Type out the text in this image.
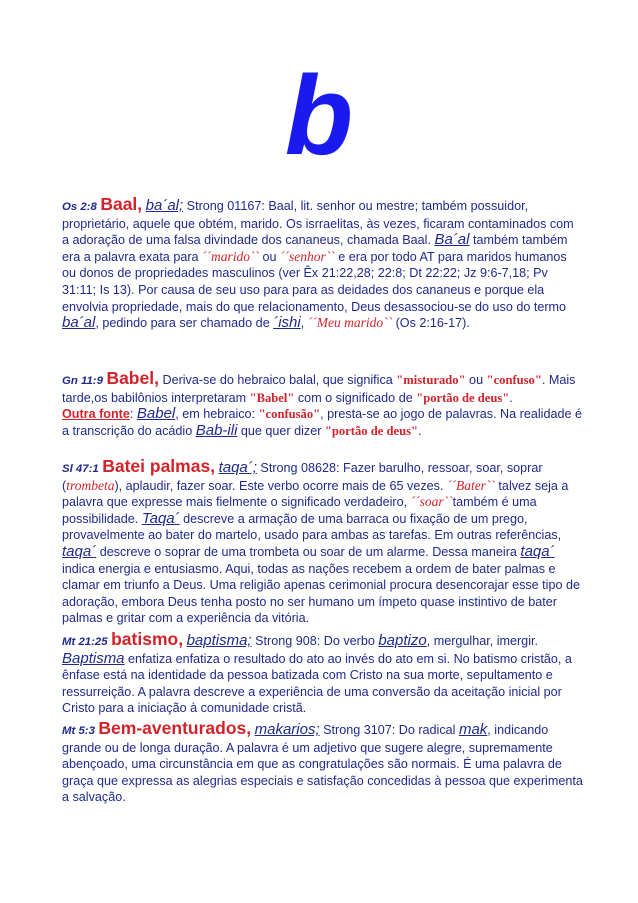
b
Os 2:8 Baal, ba´al; Strong 01167: Baal, lit. senhor ou mestre; também possuidor, proprietário, aquele que obtém, marido. Os isrraelitas, às vezes, ficaram contaminados com a adoração de uma falsa divindade dos cananeus, chamada Baal. Ba´al também também era a palavra exata para ´´marido`` ou ´´senhor`` e era por todo AT para maridos humanos ou donos de propriedades masculinos (ver Êx 21:22,28; 22:8; Dt 22:22; Jz 9:6-7,18; Pv 31:11; Is 13). Por causa de seu uso para para as deidades dos cananeus e porque ela envolvia propriedade, mais do que relacionamento, Deus desassociou-se do uso do termo ba´al, pedindo para ser chamado de ´ishi, ´´Meu marido`` (Os 2:16-17).
Gn 11:9 Babel, Deriva-se do hebraico balal, que significa "misturado" ou "confuso". Mais tarde,os babilônios interpretaram "Babel" com o significado de "portão de deus".
Outra fonte: Babel, em hebraico: "confusão", presta-se ao jogo de palavras. Na realidade é a transcrição do acádio Bab-ili que quer dizer "portão de deus".
Sl 47:1 Batei palmas, taqa´; Strong 08628: Fazer barulho, ressoar, soar, soprar (trombeta), aplaudir, fazer soar. Este verbo ocorre mais de 65 vezes. ´´Bater`` talvez seja a palavra que expresse mais fielmente o significado verdadeiro, ´´soar``também é uma possibilidade. Taqa´ descreve a armação de uma barraca ou fixação de um prego, provavelmente ao bater do martelo, usado para ambas as tarefas. Em outras referências, taqa´ descreve o soprar de uma trombeta ou soar de um alarme. Dessa maneira taqa´ indica energia e entusiasmo. Aqui, todas as nações recebem a ordem de bater palmas e clamar em triunfo a Deus. Uma religião apenas cerimonial procura desencorajar esse tipo de adoração, embora Deus tenha posto no ser humano um ímpeto quase instintivo de bater palmas e gritar com a experiência da vitória.
Mt 21:25 batismo, baptisma; Strong 908: Do verbo baptizo, mergulhar, imergir. Baptisma enfatiza enfatiza o resultado do ato ao invés do ato em si. No batismo cristão, a ênfase está na identidade da pessoa batizada com Cristo na sua morte, sepultamento e ressurreição. A palavra descreve a experiência de uma conversão da aceitação inicial por Cristo para a iniciação à comunidade cristã.
Mt 5:3 Bem-aventurados, makarios; Strong 3107: Do radical mak, indicando grande ou de longa duração. A palavra é um adjetivo que sugere alegre, supremamente abençoado, uma circunstância em que as congratulações são normais. É uma palavra de graça que expressa as alegrias especiais e satisfação concedidas à pessoa que experimenta a salvação.
